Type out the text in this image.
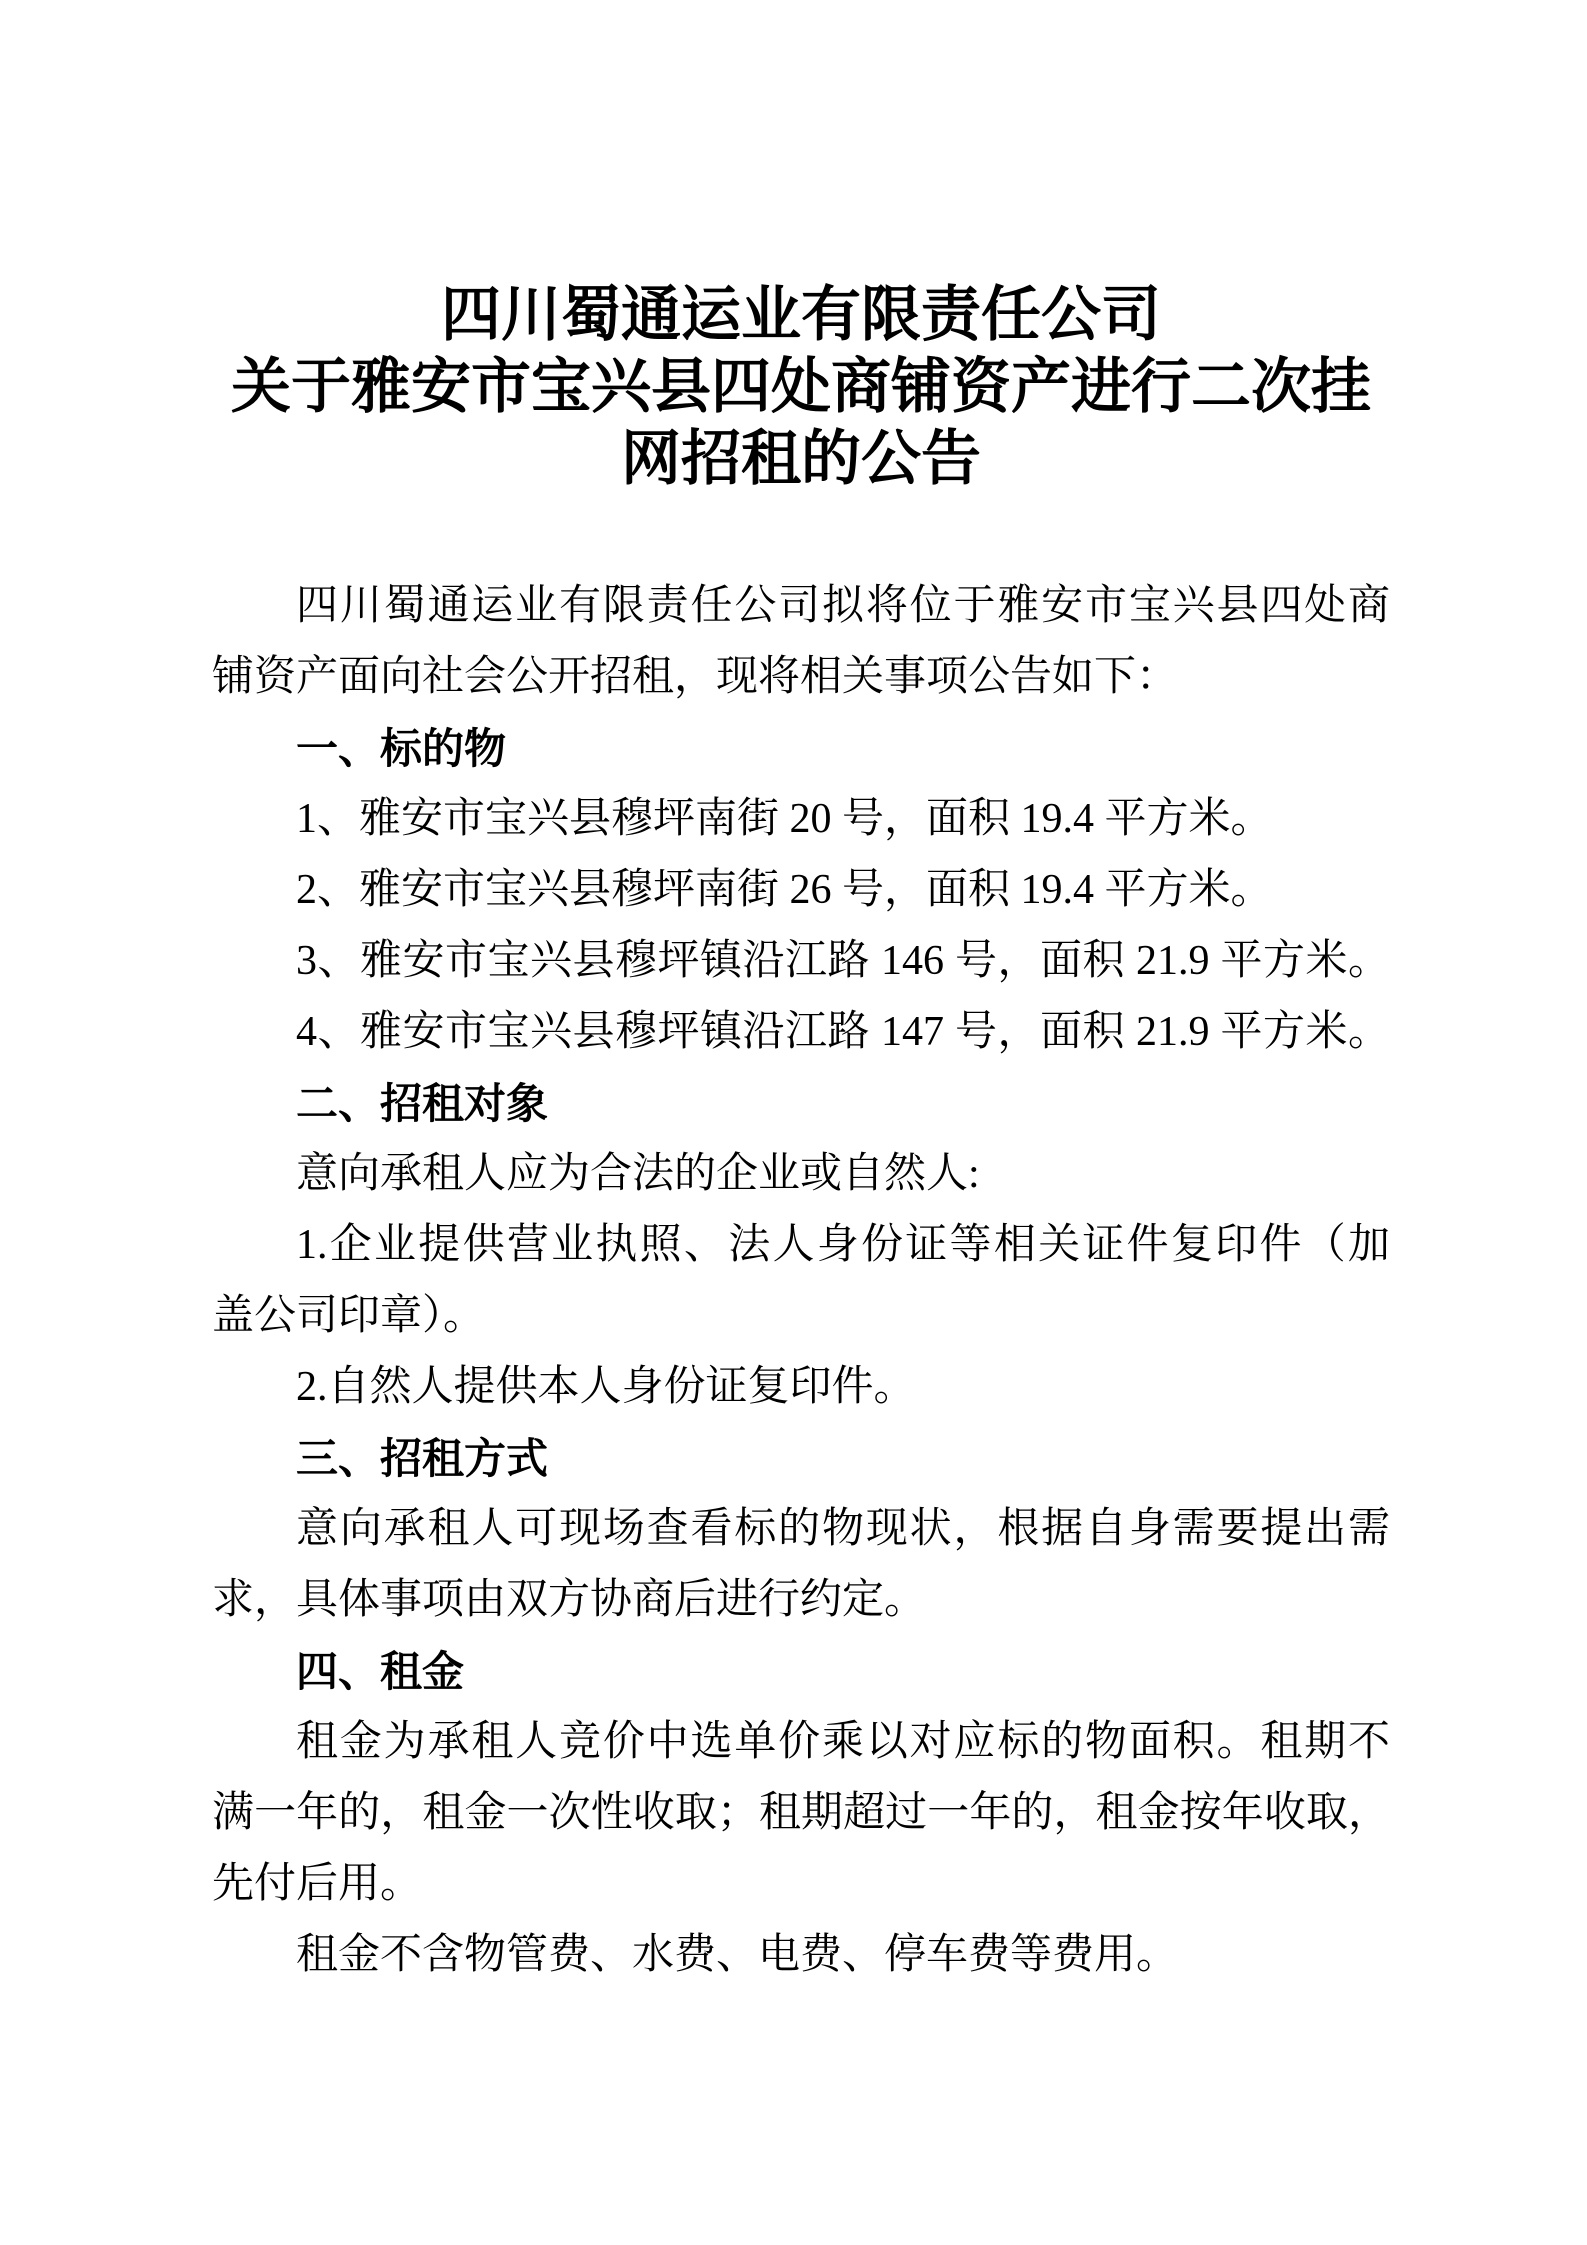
四川蜀通运业有限责任公司
关于雅安市宝兴县四处商铺资产进行二次挂
网招租的公告
四川蜀通运业有限责任公司拟将位于雅安市宝兴县四处商
铺资产面向社会公开招租，现将相关事项公告如下：
一、标的物
1、雅安市宝兴县穆坪南街 20 号，面积 19.4 平方米。
2、雅安市宝兴县穆坪南街 26 号，面积 19.4 平方米。
3、雅安市宝兴县穆坪镇沿江路 146 号，面积 21.9 平方米。
4、雅安市宝兴县穆坪镇沿江路 147 号，面积 21.9 平方米。
二、招租对象
意向承租人应为合法的企业或自然人:
1.企业提供营业执照、法人身份证等相关证件复印件（加
盖公司印章）。
2.自然人提供本人身份证复印件。
三、招租方式
意向承租人可现场查看标的物现状，根据自身需要提出需
求，具体事项由双方协商后进行约定。
四、租金
租金为承租人竞价中选单价乘以对应标的物面积。租期不
满一年的，租金一次性收取；租期超过一年的，租金按年收取，
先付后用。
租金不含物管费、水费、电费、停车费等费用。
